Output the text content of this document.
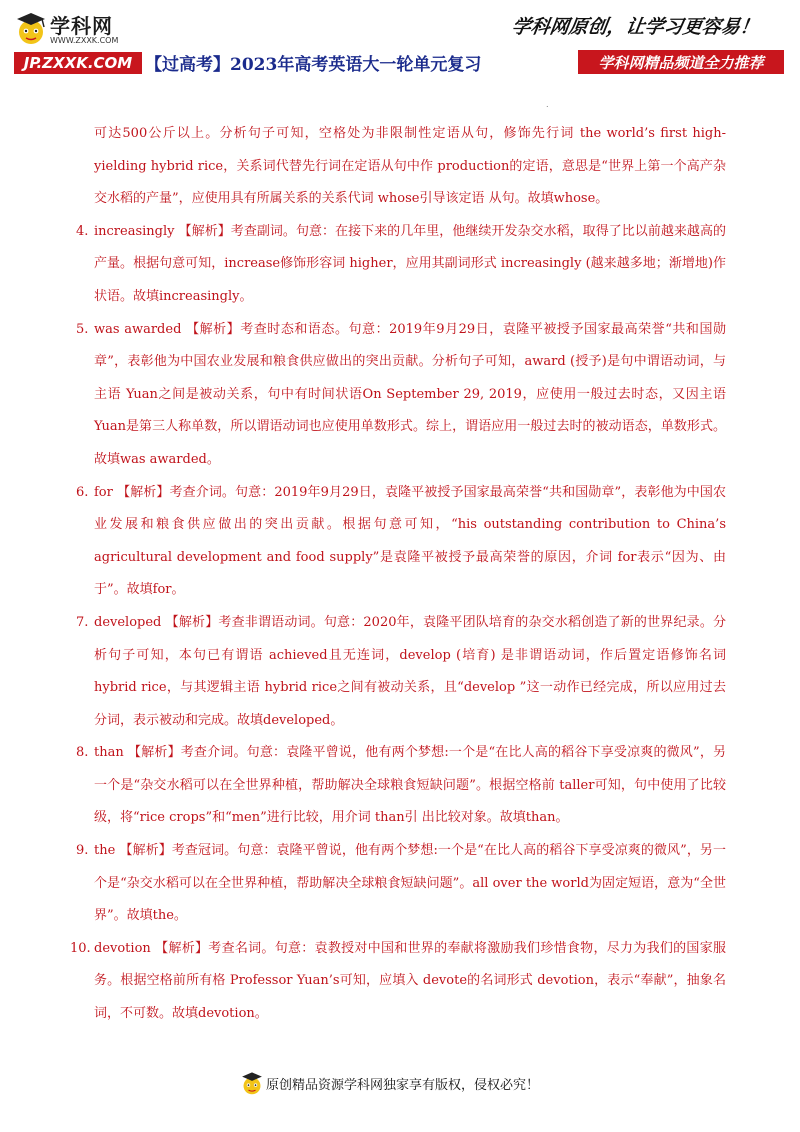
学科网
WWW.ZXXK.COM
JP.ZXXK.COM 【过高考】2023年高考英语大一轮单元复习
学科网原创，让学习更容易！
学科网精品频道全力推荐
.
可达500公斤以上。分析句子可知，空格处为非限制性定语从句，修饰先行词 the world’s first high-yielding hybrid rice，关系词代替先行词在定语从句中作 production的定语，意思是“世界上第一个高产杂交水稻的产量”，应使用具有所属关系的关系代词 whose引导该定语 从句。故填whose。
4. increasingly 【解析】考查副词。句意：在接下来的几年里，他继续开发杂交水稻，取得了比以前越来越高的产量。根据句意可知，increase修饰形容词 higher，应用其副词形式 increasingly (越来越多地；渐增地)作状语。故填increasingly。
5. was awarded 【解析】考查时态和语态。句意：2019年9月29日，袁隆平被授予国家最高荣誉“共和国勋章”，表彰他为中国农业发展和粮食供应做出的突出贡献。分析句子可知，award (授予)是句中谓语动词，与主语 Yuan之间是被动关系，句中有时间状语On September 29, 2019，应使用一般过去时态，又因主语 Yuan是第三人称单数，所以谓语动词也应使用单数形式。综上，谓语应用一般过去时的被动语态，单数形式。故填was awarded。
6. for 【解析】考查介词。句意：2019年9月29日，袁隆平被授予国家最高荣誉“共和国勋章”，表彰他为中国农业发展和粮食供应做出的突出贡献。根据句意可知，“his outstanding contribution to China’s agricultural development and food supply”是袁隆平被授予最高荣誉的原因，介词 for表示“因为、由于”。故填for。
7. developed 【解析】考查非谓语动词。句意：2020年，袁隆平团队培育的杂交水稻创造了新的世界纪录。分析句子可知，本句已有谓语 achieved且无连词，develop (培育) 是非谓语动词，作后置定语修饰名词 hybrid rice，与其逻辑主语 hybrid rice之间有被动关系，且“develop ”这一动作已经完成，所以应用过去分词，表示被动和完成。故填developed。
8. than 【解析】考查介词。句意：袁隆平曾说，他有两个梦想:一个是“在比人高的稻谷下享受凉爽的微风”，另一个是“杂交水稻可以在全世界种植，帮助解决全球粮食短缺问题”。根据空格前 taller可知，句中使用了比较级，将“rice crops”和“men”进行比较，用介词 than引 出比较对象。故填than。
9. the 【解析】考查冠词。句意：袁隆平曾说，他有两个梦想:一个是“在比人高的稻谷下享受凉爽的微风”，另一个是“杂交水稻可以在全世界种植，帮助解决全球粮食短缺问题”。all over the world为固定短语，意为“全世界”。故填the。
10. devotion 【解析】考查名词。句意：袁教授对中国和世界的奉献将激励我们珍惜食物，尽力为我们的国家服务。根据空格前所有格 Professor Yuan’s可知，应填入 devote的名词形式 devotion，表示“奉献”，抽象名词，不可数。故填devotion。
原创精品资源学科网独家享有版权，侵权必究！
